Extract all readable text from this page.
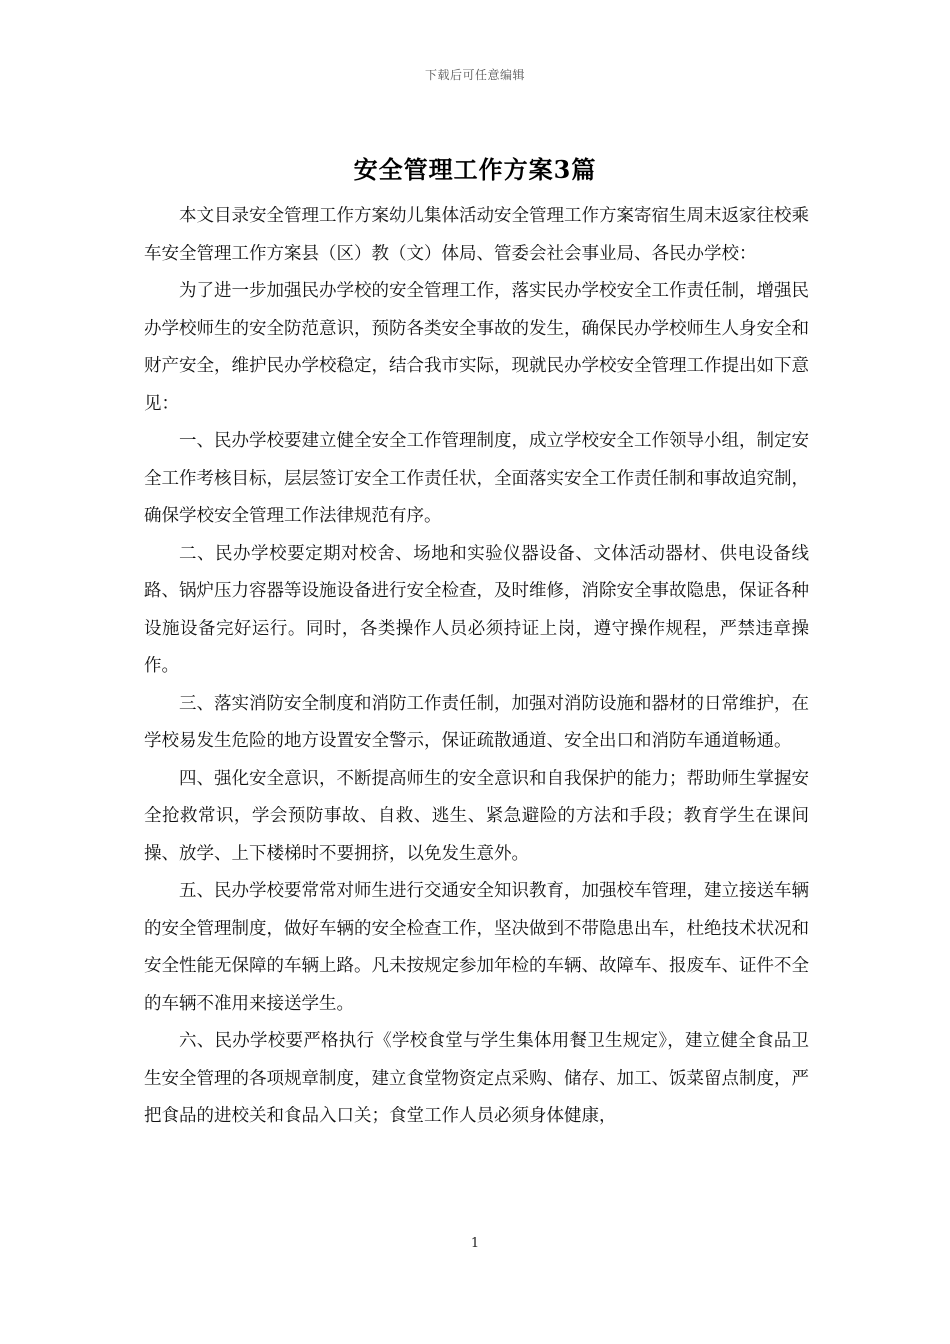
下载后可任意编辑
安全管理工作方案3篇

本文目录安全管理工作方案幼儿集体活动安全管理工作方案寄宿生周末返家往校乘车安全管理工作方案县（区）教（文）体局、管委会社会事业局、各民办学校：

为了进一步加强民办学校的安全管理工作，落实民办学校安全工作责任制，增强民办学校师生的安全防范意识，预防各类安全事故的发生，确保民办学校师生人身安全和财产安全，维护民办学校稳定，结合我市实际，现就民办学校安全管理工作提出如下意见：

一、民办学校要建立健全安全工作管理制度，成立学校安全工作领导小组，制定安全工作考核目标，层层签订安全工作责任状，全面落实安全工作责任制和事故追究制，确保学校安全管理工作法律规范有序。

二、民办学校要定期对校舍、场地和实验仪器设备、文体活动器材、供电设备线路、锅炉压力容器等设施设备进行安全检查，及时维修，消除安全事故隐患，保证各种设施设备完好运行。同时，各类操作人员必须持证上岗，遵守操作规程，严禁违章操作。

三、落实消防安全制度和消防工作责任制，加强对消防设施和器材的日常维护，在学校易发生危险的地方设置安全警示，保证疏散通道、安全出口和消防车通道畅通。

四、强化安全意识，不断提高师生的安全意识和自我保护的能力；帮助师生掌握安全抢救常识，学会预防事故、自救、逃生、紧急避险的方法和手段；教育学生在课间操、放学、上下楼梯时不要拥挤，以免发生意外。

五、民办学校要常常对师生进行交通安全知识教育，加强校车管理，建立接送车辆的安全管理制度，做好车辆的安全检查工作，坚决做到不带隐患出车，杜绝技术状况和安全性能无保障的车辆上路。凡未按规定参加年检的车辆、故障车、报废车、证件不全的车辆不准用来接送学生。

六、民办学校要严格执行《学校食堂与学生集体用餐卫生规定》，建立健全食品卫生安全管理的各项规章制度，建立食堂物资定点采购、储存、加工、饭菜留点制度，严把食品的进校关和食品入口关；食堂工作人员必须身体健康，

1
